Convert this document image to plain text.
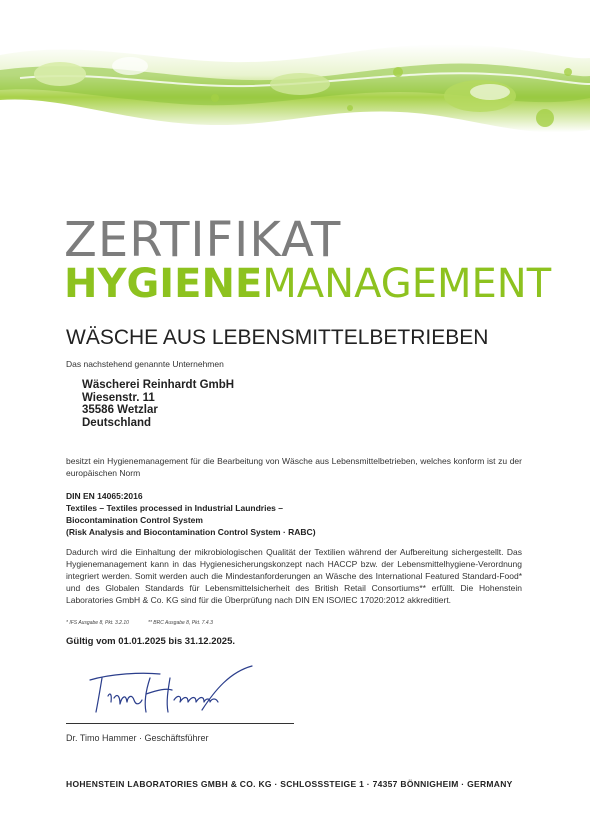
ZERTIFIKAT
HYGIENEMANAGEMENT
WÄSCHE AUS LEBENSMITTELBETRIEBEN
Das nachstehend genannte Unternehmen
Wäscherei Reinhardt GmbH
Wiesenstr. 11
35586 Wetzlar
Deutschland
besitzt ein Hygienemanagement für die Bearbeitung von Wäsche aus Lebensmittelbetrieben, welches konform ist zu der europäischen Norm
DIN EN 14065:2016
Textiles – Textiles processed in Industrial Laundries –
Biocontamination Control System
(Risk Analysis and Biocontamination Control System · RABC)
Dadurch wird die Einhaltung der mikrobiologischen Qualität der Textilien während der Aufbereitung sichergestellt. Das Hygienemanagement kann in das Hygienesicherungskonzept nach HACCP bzw. der Lebensmittelhygiene-Verordnung integriert werden. Somit werden auch die Mindestanforderungen an Wäsche des International Featured Standard-Food* und des Globalen Standards für Lebensmittelsicherheit des British Retail Consortiums** erfüllt. Die Hohenstein Laboratories GmbH & Co. KG sind für die Überprüfung nach DIN EN ISO/IEC 17020:2012 akkreditiert.
* IFS Ausgabe 8, Pkt. 3.2.10	** BRC Ausgabe 8, Pkt. 7.4.3
Gültig vom 01.01.2025 bis 31.12.2025.
Dr. Timo Hammer · Geschäftsführer
HOHENSTEIN LABORATORIES GMBH & CO. KG · SCHLOSSSTEIGE 1 · 74357 BÖNNIGHEIM · GERMANY
